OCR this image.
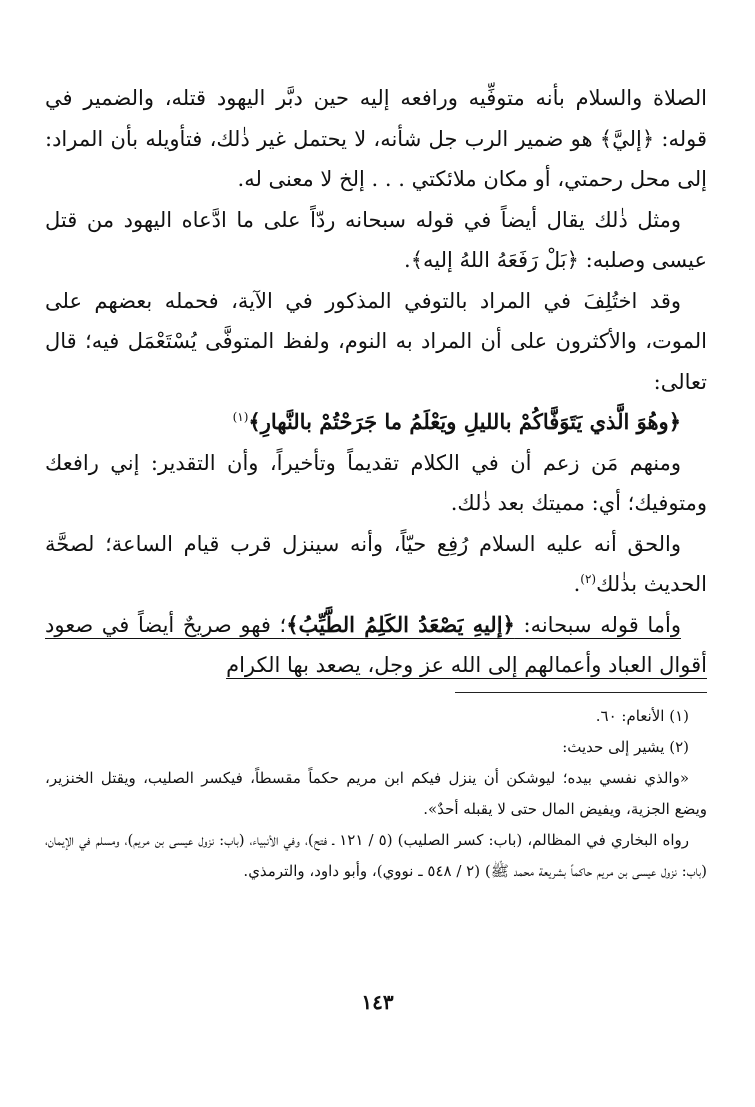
الصلاة والسلام بأنه متوفِّيه ورافعه إليه حين دبَّر اليهود قتله، والضمير في قوله: ﴿إليَّ﴾ هو ضمير الرب جل شأنه، لا يحتمل غير ذٰلك، فتأويله بأن المراد: إلى محل رحمتي، أو مكان ملائكتي . . . إلخ لا معنى له.

ومثل ذٰلك يقال أيضاً في قوله سبحانه ردّاً على ما ادَّعاه اليهود من قتل عيسى وصلبه: ﴿بَلْ رَفَعَهُ اللهُ إليه﴾.

وقد اختُلِفَ في المراد بالتوفي المذكور في الآية، فحمله بعضهم على الموت، والأكثرون على أن المراد به النوم، ولفظ المتوفَّى يُسْتَعْمَل فيه؛ قال تعالى:

﴿وهُوَ الَّذي يَتَوَفَّاكُمْ بالليلِ ويَعْلَمُ ما جَرَحْتُمْ بالنَّهارِ﴾$^{(١)}$

ومنهم مَن زعم أن في الكلام تقديماً وتأخيراً، وأن التقدير: إني رافعك ومتوفيك؛ أي: مميتك بعد ذٰلك.

والحق أنه عليه السلام رُفِع حيّاً، وأنه سينزل قرب قيام الساعة؛ لصحَّة الحديث بذٰلك$^{(٢)}$.

وأما قوله سبحانه: ﴿إليهِ يَصْعَدُ الكَلِمُ الطَّيِّبُ﴾؛ فهو صريحٌ أيضاً في صعود أقوال العباد وأعمالهم إلى الله عز وجل، يصعد بها الكرام

(١) الأنعام: ٦٠.

(٢) يشير إلى حديث:

«والذي نفسي بيده؛ ليوشكن أن ينزل فيكم ابن مريم حكماً مقسطاً، فيكسر الصليب، ويقتل الخنزير، ويضع الجزية، ويفيض المال حتى لا يقبله أحدٌ».

رواه البخاري في المظالم، (باب: كسر الصليب) (٥ / ١٢١ ـ فتح)، وفي الأنبياء، (باب: نزول عيسى بن مريم)، ومسلم في الإيمان، (باب: نزول عيسى بن مريم حاكماً بشريعة محمد ﷺ) (٢ / ٥٤٨ ـ نووي)، وأبو داود، والترمذي.

١٤٣
